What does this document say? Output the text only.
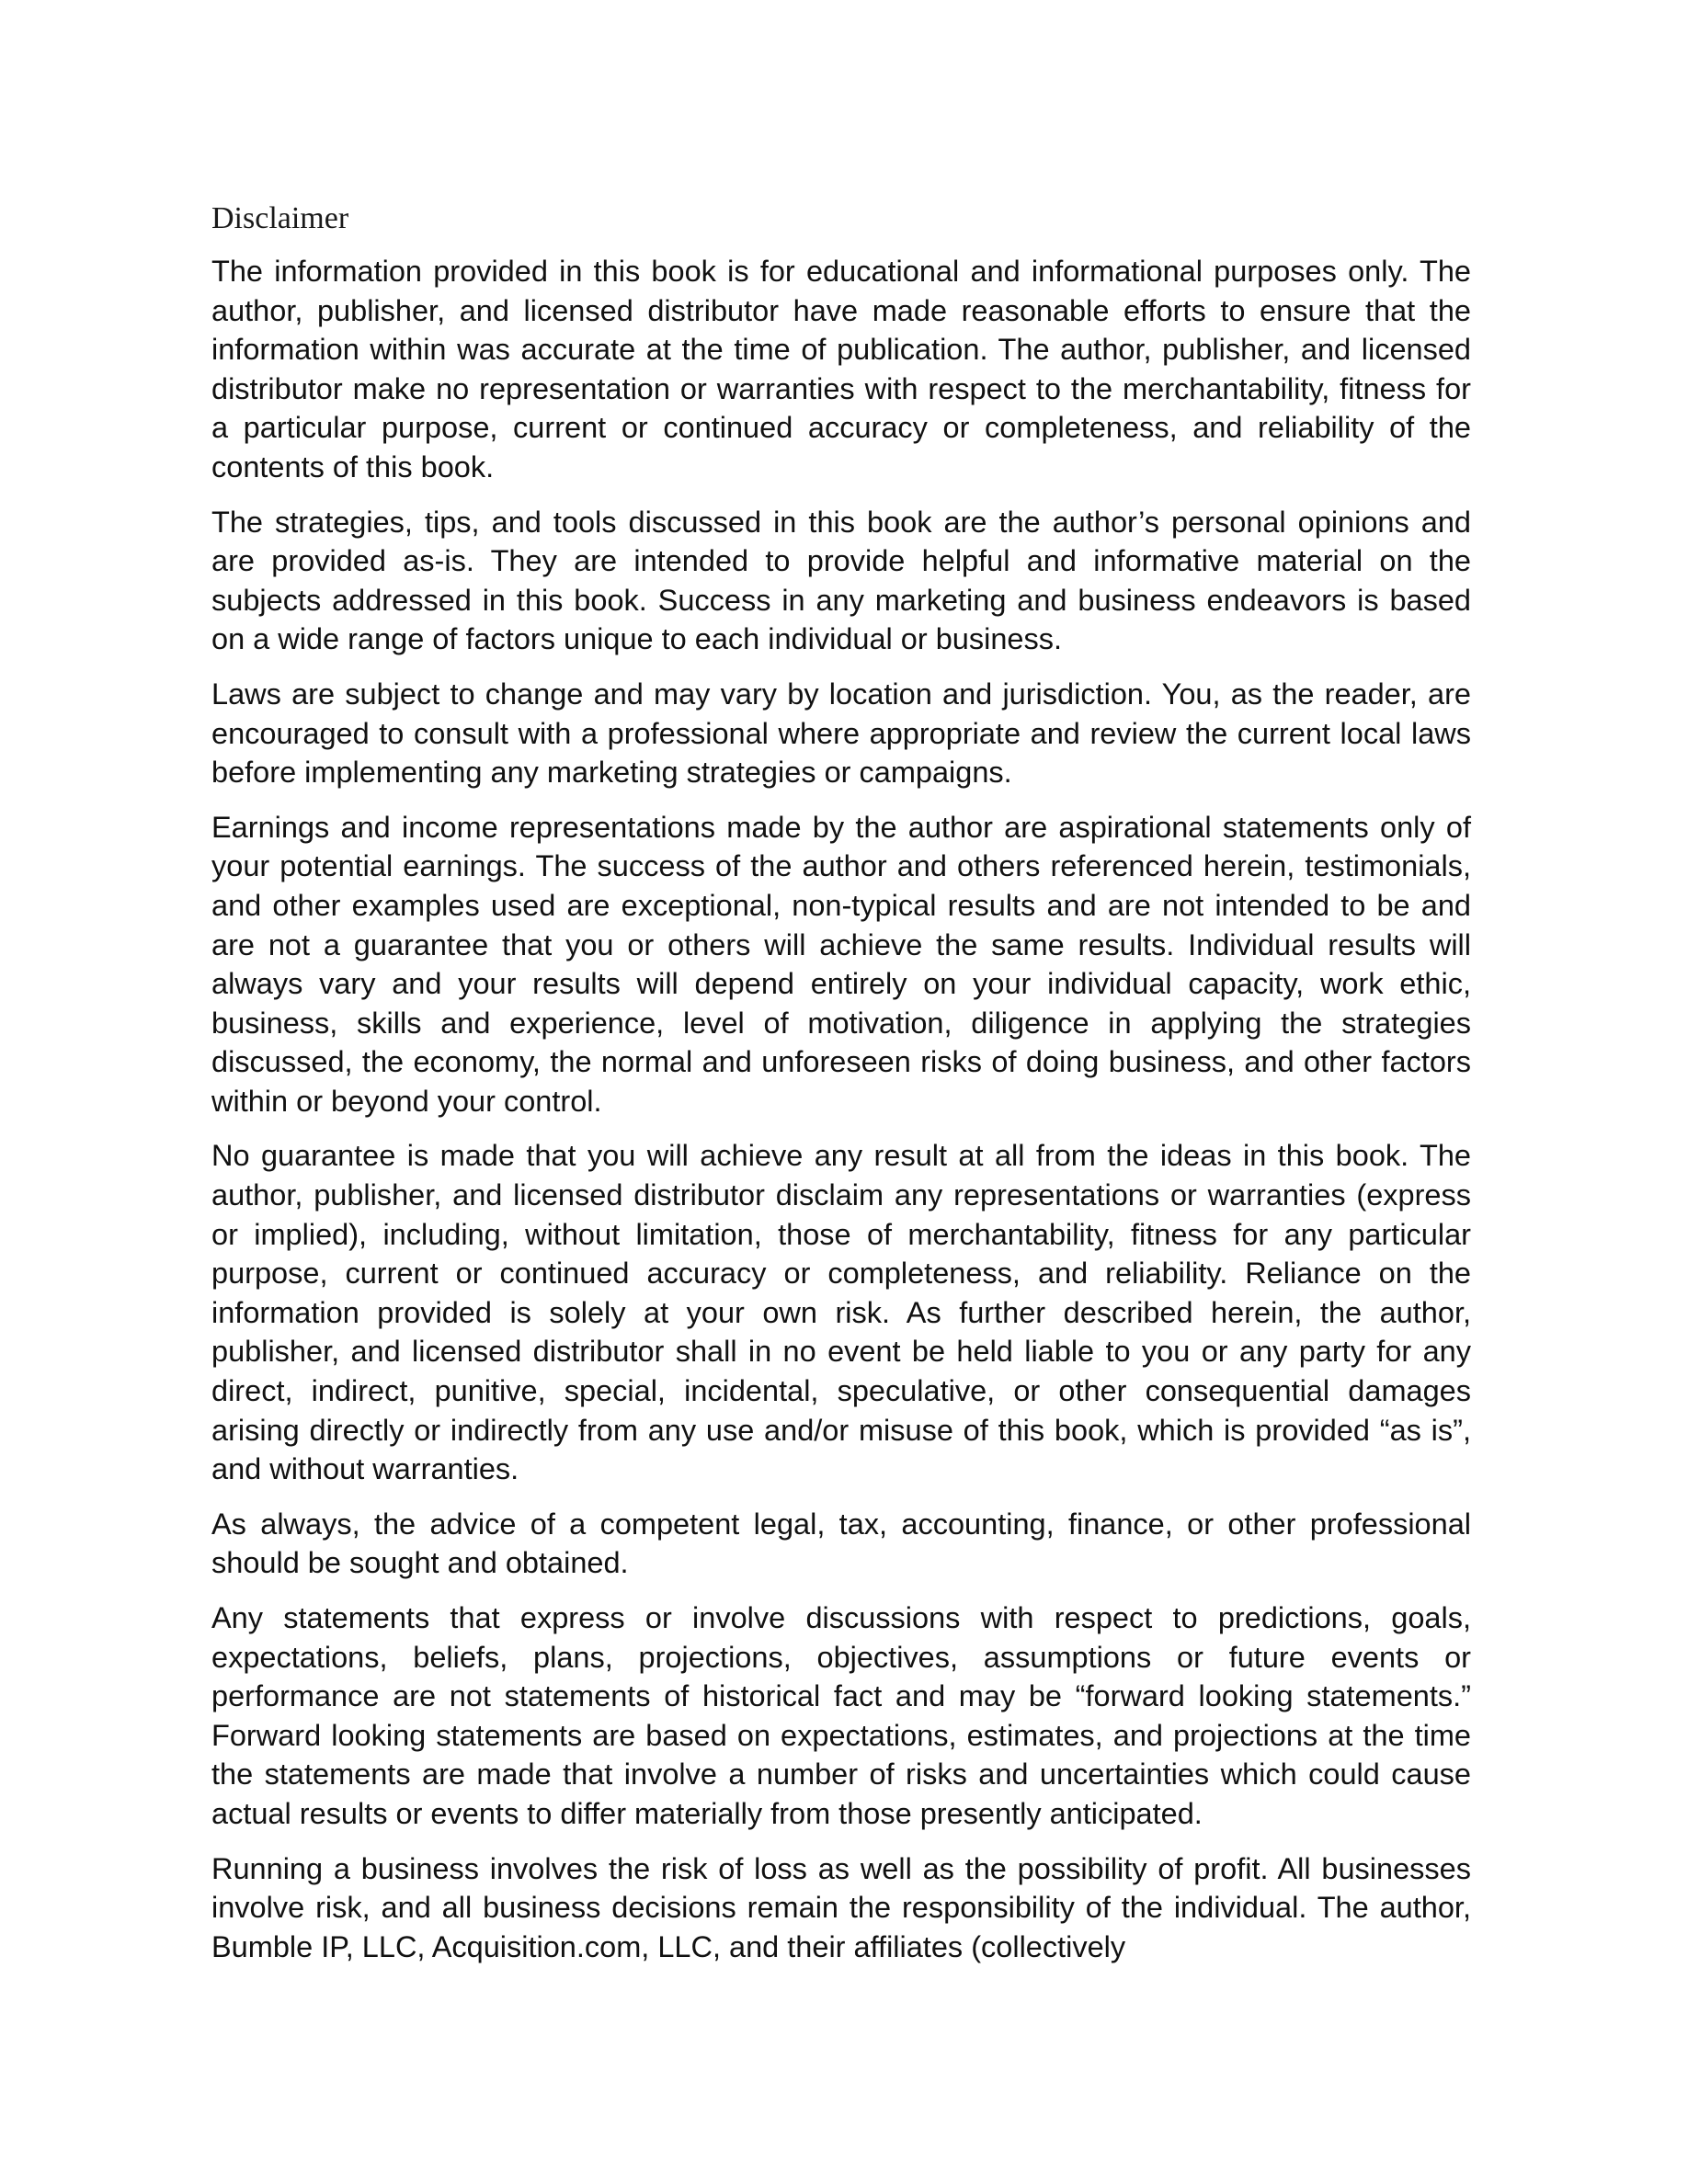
Disclaimer

The information provided in this book is for educational and informational purposes only. The author, publisher, and licensed distributor have made reasonable efforts to ensure that the information within was accurate at the time of publication. The author, publisher, and licensed distributor make no representation or warranties with respect to the merchantability, fitness for a particular purpose, current or continued accuracy or completeness, and reliability of the contents of this book.

The strategies, tips, and tools discussed in this book are the author’s personal opinions and are provided as-is. They are intended to provide helpful and informative material on the subjects addressed in this book. Success in any marketing and business endeavors is based on a wide range of factors unique to each individual or business.

Laws are subject to change and may vary by location and jurisdiction. You, as the reader, are encouraged to consult with a professional where appropriate and review the current local laws before implementing any marketing strategies or campaigns.

Earnings and income representations made by the author are aspirational statements only of your potential earnings. The success of the author and others referenced herein, testimonials, and other examples used are exceptional, non-typical results and are not intended to be and are not a guarantee that you or others will achieve the same results. Individual results will always vary and your results will depend entirely on your individual capacity, work ethic, business, skills and experience, level of motivation, diligence in applying the strategies discussed, the economy, the normal and unforeseen risks of doing business, and other factors within or beyond your control.

No guarantee is made that you will achieve any result at all from the ideas in this book. The author, publisher, and licensed distributor disclaim any representations or warranties (express or implied), including, without limitation, those of merchantability, fitness for any particular purpose, current or continued accuracy or completeness, and reliability. Reliance on the information provided is solely at your own risk. As further described herein, the author, publisher, and licensed distributor shall in no event be held liable to you or any party for any direct, indirect, punitive, special, incidental, speculative, or other consequential damages arising directly or indirectly from any use and/or misuse of this book, which is provided “as is”, and without warranties.

As always, the advice of a competent legal, tax, accounting, finance, or other professional should be sought and obtained.

Any statements that express or involve discussions with respect to predictions, goals, expectations, beliefs, plans, projections, objectives, assumptions or future events or performance are not statements of historical fact and may be “forward looking statements.” Forward looking statements are based on expectations, estimates, and projections at the time the statements are made that involve a number of risks and uncertainties which could cause actual results or events to differ materially from those presently anticipated.

Running a business involves the risk of loss as well as the possibility of profit. All businesses involve risk, and all business decisions remain the responsibility of the individual. The author, Bumble IP, LLC, Acquisition.com, LLC, and their affiliates (collectively
